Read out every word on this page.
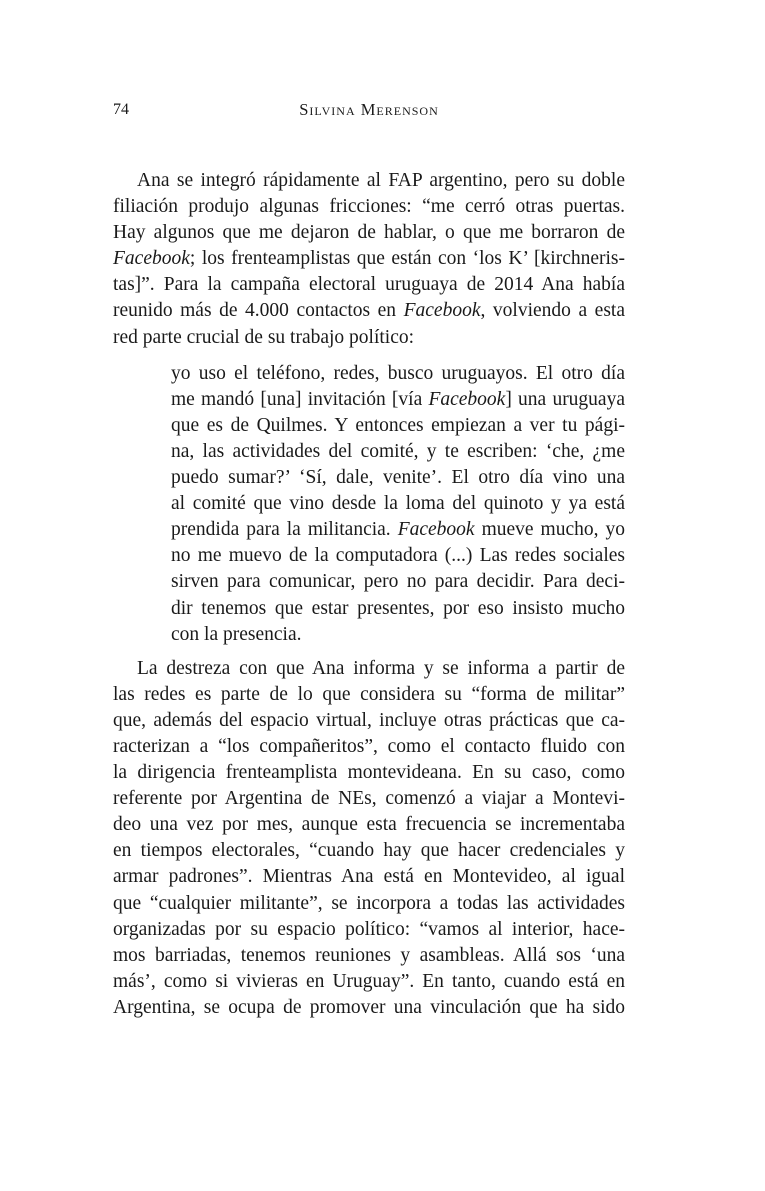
74	Silvina Merenson
Ana se integró rápidamente al FAP argentino, pero su doble
filiación produjo algunas fricciones: “me cerró otras puertas.
Hay algunos que me dejaron de hablar, o que me borraron de
Facebook; los frenteamplistas que están con ‘los K’ [kirchneris-
tas]”. Para la campaña electoral uruguaya de 2014 Ana había
reunido más de 4.000 contactos en Facebook, volviendo a esta
red parte crucial de su trabajo político:
yo uso el teléfono, redes, busco uruguayos. El otro día
me mandó [una] invitación [vía Facebook] una uruguaya
que es de Quilmes. Y entonces empiezan a ver tu pági-
na, las actividades del comité, y te escriben: ‘che, ¿me
puedo sumar?’ ‘Sí, dale, venite’. El otro día vino una
al comité que vino desde la loma del quinoto y ya está
prendida para la militancia. Facebook mueve mucho, yo
no me muevo de la computadora (...) Las redes sociales
sirven para comunicar, pero no para decidir. Para deci-
dir tenemos que estar presentes, por eso insisto mucho
con la presencia.
La destreza con que Ana informa y se informa a partir de
las redes es parte de lo que considera su “forma de militar”
que, además del espacio virtual, incluye otras prácticas que ca-
racterizan a “los compañeritos”, como el contacto fluido con
la dirigencia frenteamplista montevideana. En su caso, como
referente por Argentina de NEs, comenzó a viajar a Montevi-
deo una vez por mes, aunque esta frecuencia se incrementaba
en tiempos electorales, “cuando hay que hacer credenciales y
armar padrones”. Mientras Ana está en Montevideo, al igual
que “cualquier militante”, se incorpora a todas las actividades
organizadas por su espacio político: “vamos al interior, hace-
mos barriadas, tenemos reuniones y asambleas. Allá sos ‘una
más’, como si vivieras en Uruguay”. En tanto, cuando está en
Argentina, se ocupa de promover una vinculación que ha sido
